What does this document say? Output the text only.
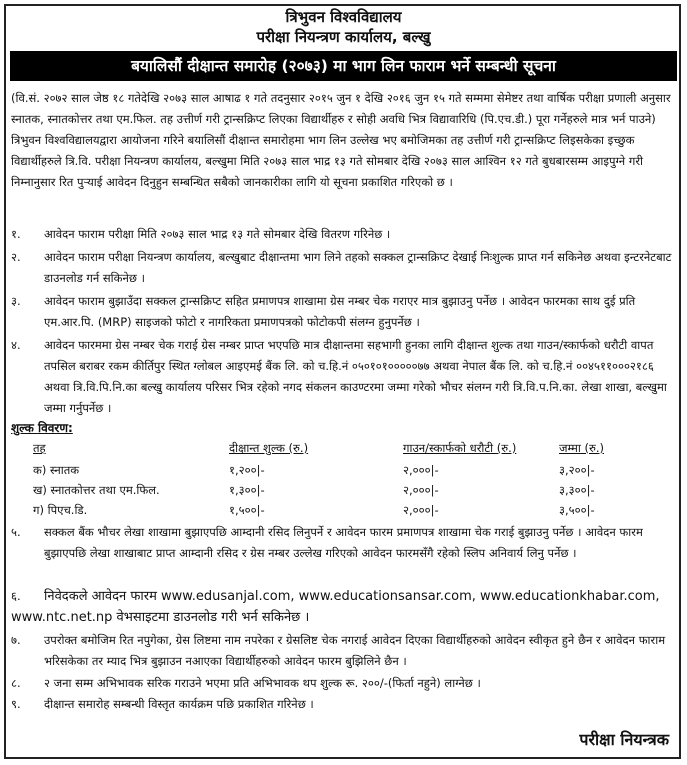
त्रिभुवन विश्वविद्यालय
परीक्षा नियन्त्रण कार्यालय, बल्खु
बयालिसौं दीक्षान्त समारोह (२०७३) मा भाग लिन फाराम भर्ने सम्बन्धी सूचना
(वि.सं. २०७२ साल जेष्ठ १८ गतेदेखि २०७३ साल आषाढ १ गते तदनुसार २०१५ जुन १ देखि २०१६ जुन १५ गते सम्ममा सेमेष्टर तथा वार्षिक परीक्षा प्रणाली अनुसार स्नातक, स्नातकोत्तर तथा एम.फिल. तह उत्तीर्ण गरी ट्रान्सक्रिप्ट लिएका विद्यार्थीहरु र सोही अवधि भित्र विद्यावारिधि (पि.एच.डी.) पूरा गर्नेहरुले मात्र भर्न पाउने) त्रिभुवन विश्वविद्यालयद्वारा आयोजना गरिने बयालिसौं दीक्षान्त समारोहमा भाग लिन उल्लेख भए बमोजिमका तह उत्तीर्ण गरी ट्रान्सक्रिप्ट लिइसकेका इच्छुक विद्यार्थीहरुले त्रि.वि. परीक्षा नियन्त्रण कार्यालय, बल्खुमा मिति २०७३ साल भाद्र १३ गते सोमबार देखि २०७३ साल आश्विन १२ गते बुधबारसम्म आइपुग्ने गरी निम्नानुसार रित पुऱ्याई आवेदन दिनुहुन सम्बन्धित सबैको जानकारीका लागि यो सूचना प्रकाशित गरिएको छ ।
१. आवेदन फाराम परीक्षा मिति २०७३ साल भाद्र १३ गते सोमबार देखि वितरण गरिनेछ ।
२. आवेदन फाराम परीक्षा नियन्त्रण कार्यालय, बल्खुबाट दीक्षान्तमा भाग लिने तहको सक्कल ट्रान्सक्रिप्ट देखाई निःशुल्क प्राप्त गर्न सकिनेछ अथवा इन्टरनेटबाट डाउनलोड गर्न सकिनेछ ।
३. आवेदन फाराम बुझाउँदा सक्कल ट्रान्सक्रिप्ट सहित प्रमाणपत्र शाखामा ग्रेस नम्बर चेक गराएर मात्र बुझाउनु पर्नेछ । आवेदन फारमका साथ दुई प्रति एम.आर.पि. (MRP) साइजको फोटो र नागरिकता प्रमाणपत्रको फोटोकपी संलग्न हुनुपर्नेछ ।
४. आवेदन फारममा ग्रेस नम्बर चेक गराई ग्रेस नम्बर प्राप्त भएपछि मात्र दीक्षान्तमा सहभागी हुनका लागि दीक्षान्त शुल्क तथा गाउन/स्कार्फको धरौटी वापत तपसिल बराबर रकम कीर्तिपुर स्थित ग्लोबल आइएमई बैंक लि. को च.हि.नं ०५०१०१०००००७७ अथवा नेपाल बैंक लि. को च.हि.नं ००४५११०००२१८६ अथवा त्रि.वि.पि.नि.का बल्खु कार्यालय परिसर भित्र रहेको नगद संकलन काउण्टरमा जम्मा गरेको भौचर संलग्न गरी त्रि.वि.प.नि.का. लेखा शाखा, बल्खुमा जम्मा गर्नुपर्नेछ ।
शुल्क विवरण:
तह	दीक्षान्त शुल्क (रु.)	गाउन/स्कार्फको धरौटी (रु.)	जम्मा (रु.)
क) स्नातक	१,२००|-	२,०००|-	३,२००|-
ख) स्नातकोत्तर तथा एम.फिल.	१,३००|-	२,०००|-	३,३००|-
ग) पिएच.डि.	१,५००|-	२,०००|-	३,५००|-
५. सक्कल बैंक भौचर लेखा शाखामा बुझाएपछि आम्दानी रसिद लिनुपर्ने र आवेदन फारम प्रमाणपत्र शाखामा चेक गराई बुझाउनु पर्नेछ । आवेदन फारम बुझाएपछि लेखा शाखाबाट प्राप्त आम्दानी रसिद र ग्रेस नम्बर उल्लेख गरिएको आवेदन फारमसँगै रहेको स्लिप अनिवार्य लिनु पर्नेछ ।
६. निवेदकले आवेदन फारम www.edusanjal.com, www.educationsansar.com, www.educationkhabar.com,
www.ntc.net.np वेभसाइटमा डाउनलोड गरी भर्न सकिनेछ ।
७. उपरोक्त बमोजिम रित नपुगेका, ग्रेस लिष्टमा नाम नपरेका र ग्रेसलिष्ट चेक नगराई आवेदन दिएका विद्यार्थीहरुको आवेदन स्वीकृत हुने छैन र आवेदन फाराम भरिसकेका तर म्याद भित्र बुझाउन नआएका विद्यार्थीहरुको आवेदन फारम बुझिलिने छैन ।
८. २ जना सम्म अभिभावक सरिक गराउने भएमा प्रति अभिभावक थप शुल्क रू. २००/-(फिर्ता नहुने) लाग्नेछ ।
९. दीक्षान्त समारोह सम्बन्धी विस्तृत कार्यक्रम पछि प्रकाशित गरिनेछ ।
परीक्षा नियन्त्रक
